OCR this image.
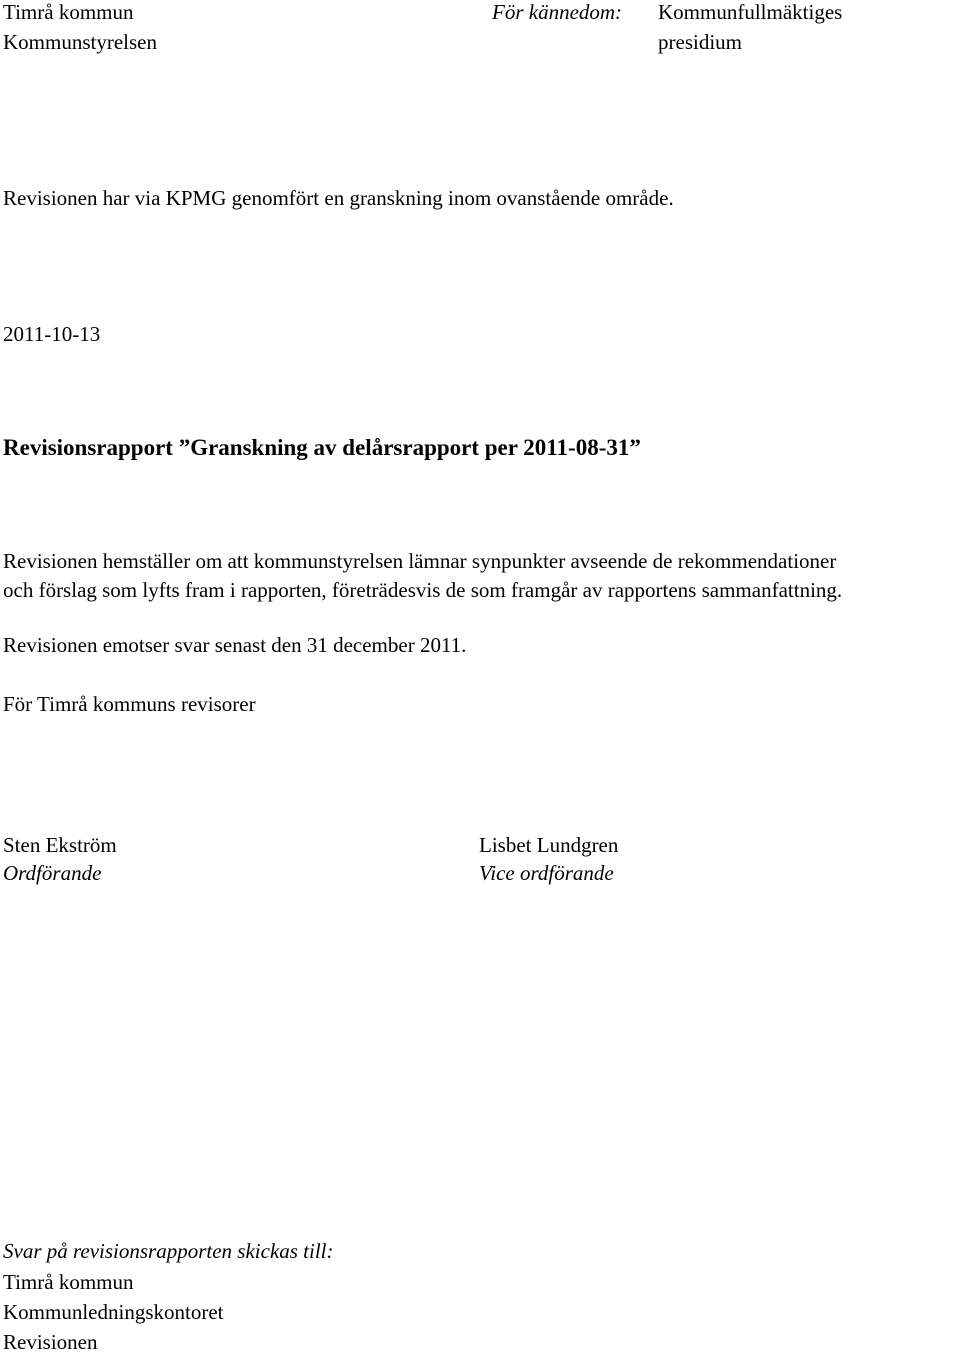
Timrå kommun

Kommunstyrelsen

För kännedom: Kommunfullmäktiges

presidium

2011-10-13

Revisionsrapport ”Granskning av delårsrapport per 2011-08-31”

Revisionen har via KPMG genomfört en granskning inom ovanstående område.

Revisionen hemställer om att kommunstyrelsen lämnar synpunkter avseende de rekommendationer

och förslag som lyfts fram i rapporten, företrädesvis de som framgår av rapportens sammanfattning.

Revisionen emotser svar senast den 31 december 2011.

För Timrå kommuns revisorer

Sten Ekström

Ordförande

Lisbet Lundgren

Vice ordförande

Svar på revisionsrapporten skickas till:

Timrå kommun

Kommunledningskontoret

Revisionen
